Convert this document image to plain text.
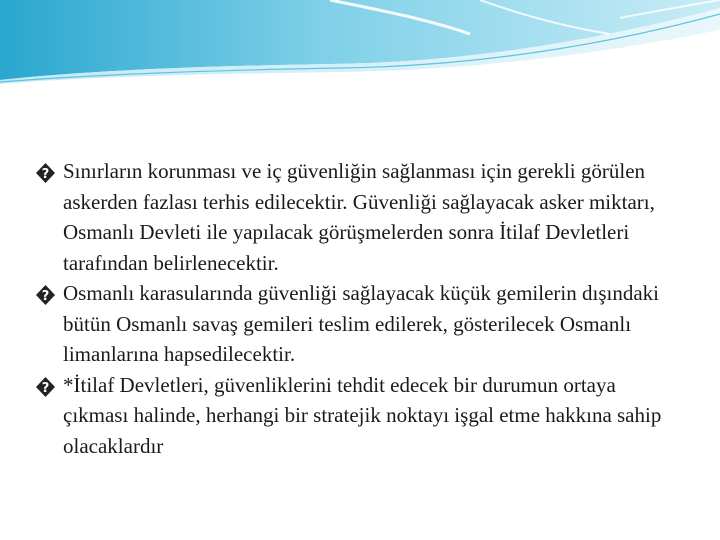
? Sınırların korunması ve iç güvenliğin sağlanması için gerekli görülen askerden fazlası terhis edilecektir. Güvenliği sağlayacak asker miktarı, Osmanlı Devleti ile yapılacak görüşmelerden sonra İtilaf Devletleri tarafından belirlenecektir.
? Osmanlı karasularında güvenliği sağlayacak küçük gemilerin dışındaki bütün Osmanlı savaş gemileri teslim edilerek, gösterilecek Osmanlı limanlarına hapsedilecektir.
? *İtilaf Devletleri, güvenliklerini tehdit edecek bir durumun ortaya çıkması halinde, herhangi bir stratejik noktayı işgal etme hakkına sahip olacaklardır
